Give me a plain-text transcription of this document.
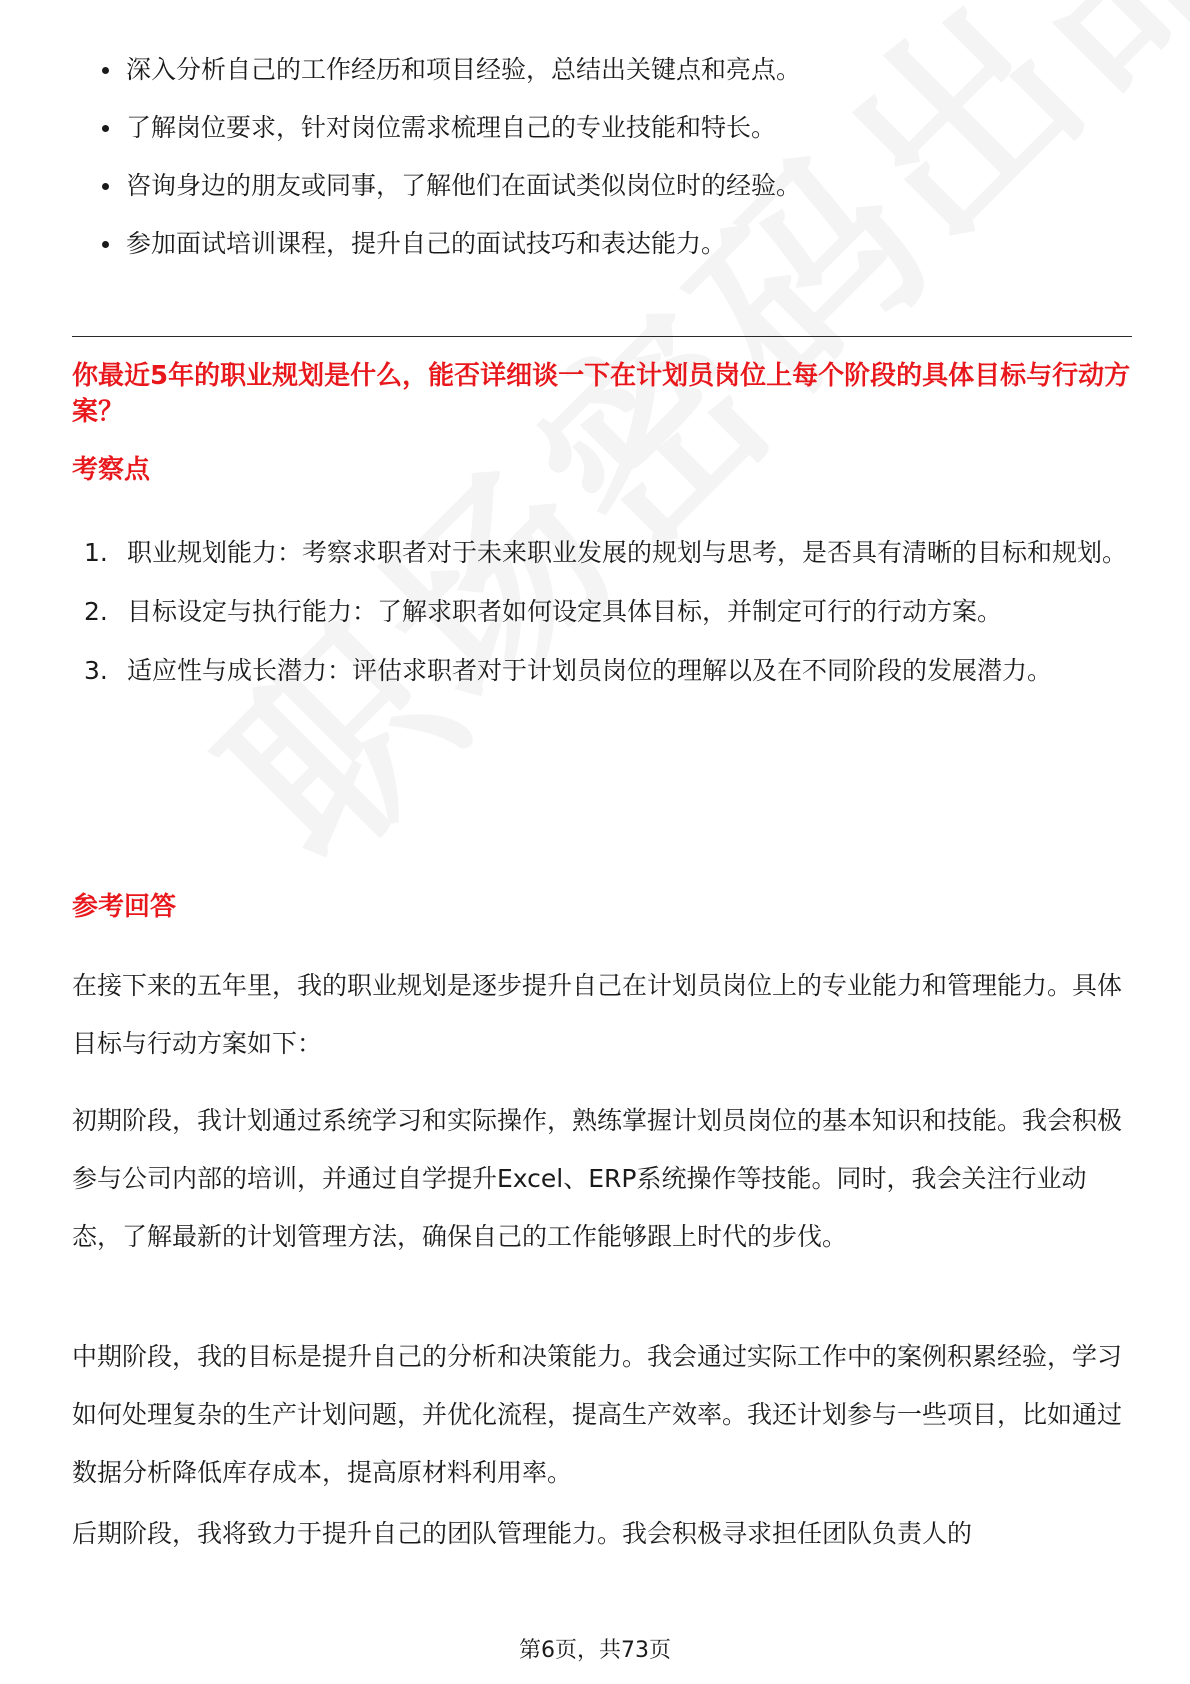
深入分析自己的工作经历和项目经验，总结出关键点和亮点。
了解岗位要求，针对岗位需求梳理自己的专业技能和特长。
咨询身边的朋友或同事，了解他们在面试类似岗位时的经验。
参加面试培训课程，提升自己的面试技巧和表达能力。
你最近5年的职业规划是什么，能否详细谈一下在计划员岗位上每个阶段的具体目标与行动方案？
考察点
1. 职业规划能力：考察求职者对于未来职业发展的规划与思考，是否具有清晰的目标和规划。
2. 目标设定与执行能力：了解求职者如何设定具体目标，并制定可行的行动方案。
3. 适应性与成长潜力：评估求职者对于计划员岗位的理解以及在不同阶段的发展潜力。
参考回答

在接下来的五年里，我的职业规划是逐步提升自己在计划员岗位上的专业能力和管理能力。具体目标与行动方案如下：

初期阶段，我计划通过系统学习和实际操作，熟练掌握计划员岗位的基本知识和技能。我会积极参与公司内部的培训，并通过自学提升Excel、ERP系统操作等技能。同时，我会关注行业动态，了解最新的计划管理方法，确保自己的工作能够跟上时代的步伐。

中期阶段，我的目标是提升自己的分析和决策能力。我会通过实际工作中的案例积累经验，学习如何处理复杂的生产计划问题，并优化流程，提高生产效率。我还计划参与一些项目，比如通过数据分析降低库存成本，提高原材料利用率。

后期阶段，我将致力于提升自己的团队管理能力。我会积极寻求担任团队负责人的

第6页，共73页
